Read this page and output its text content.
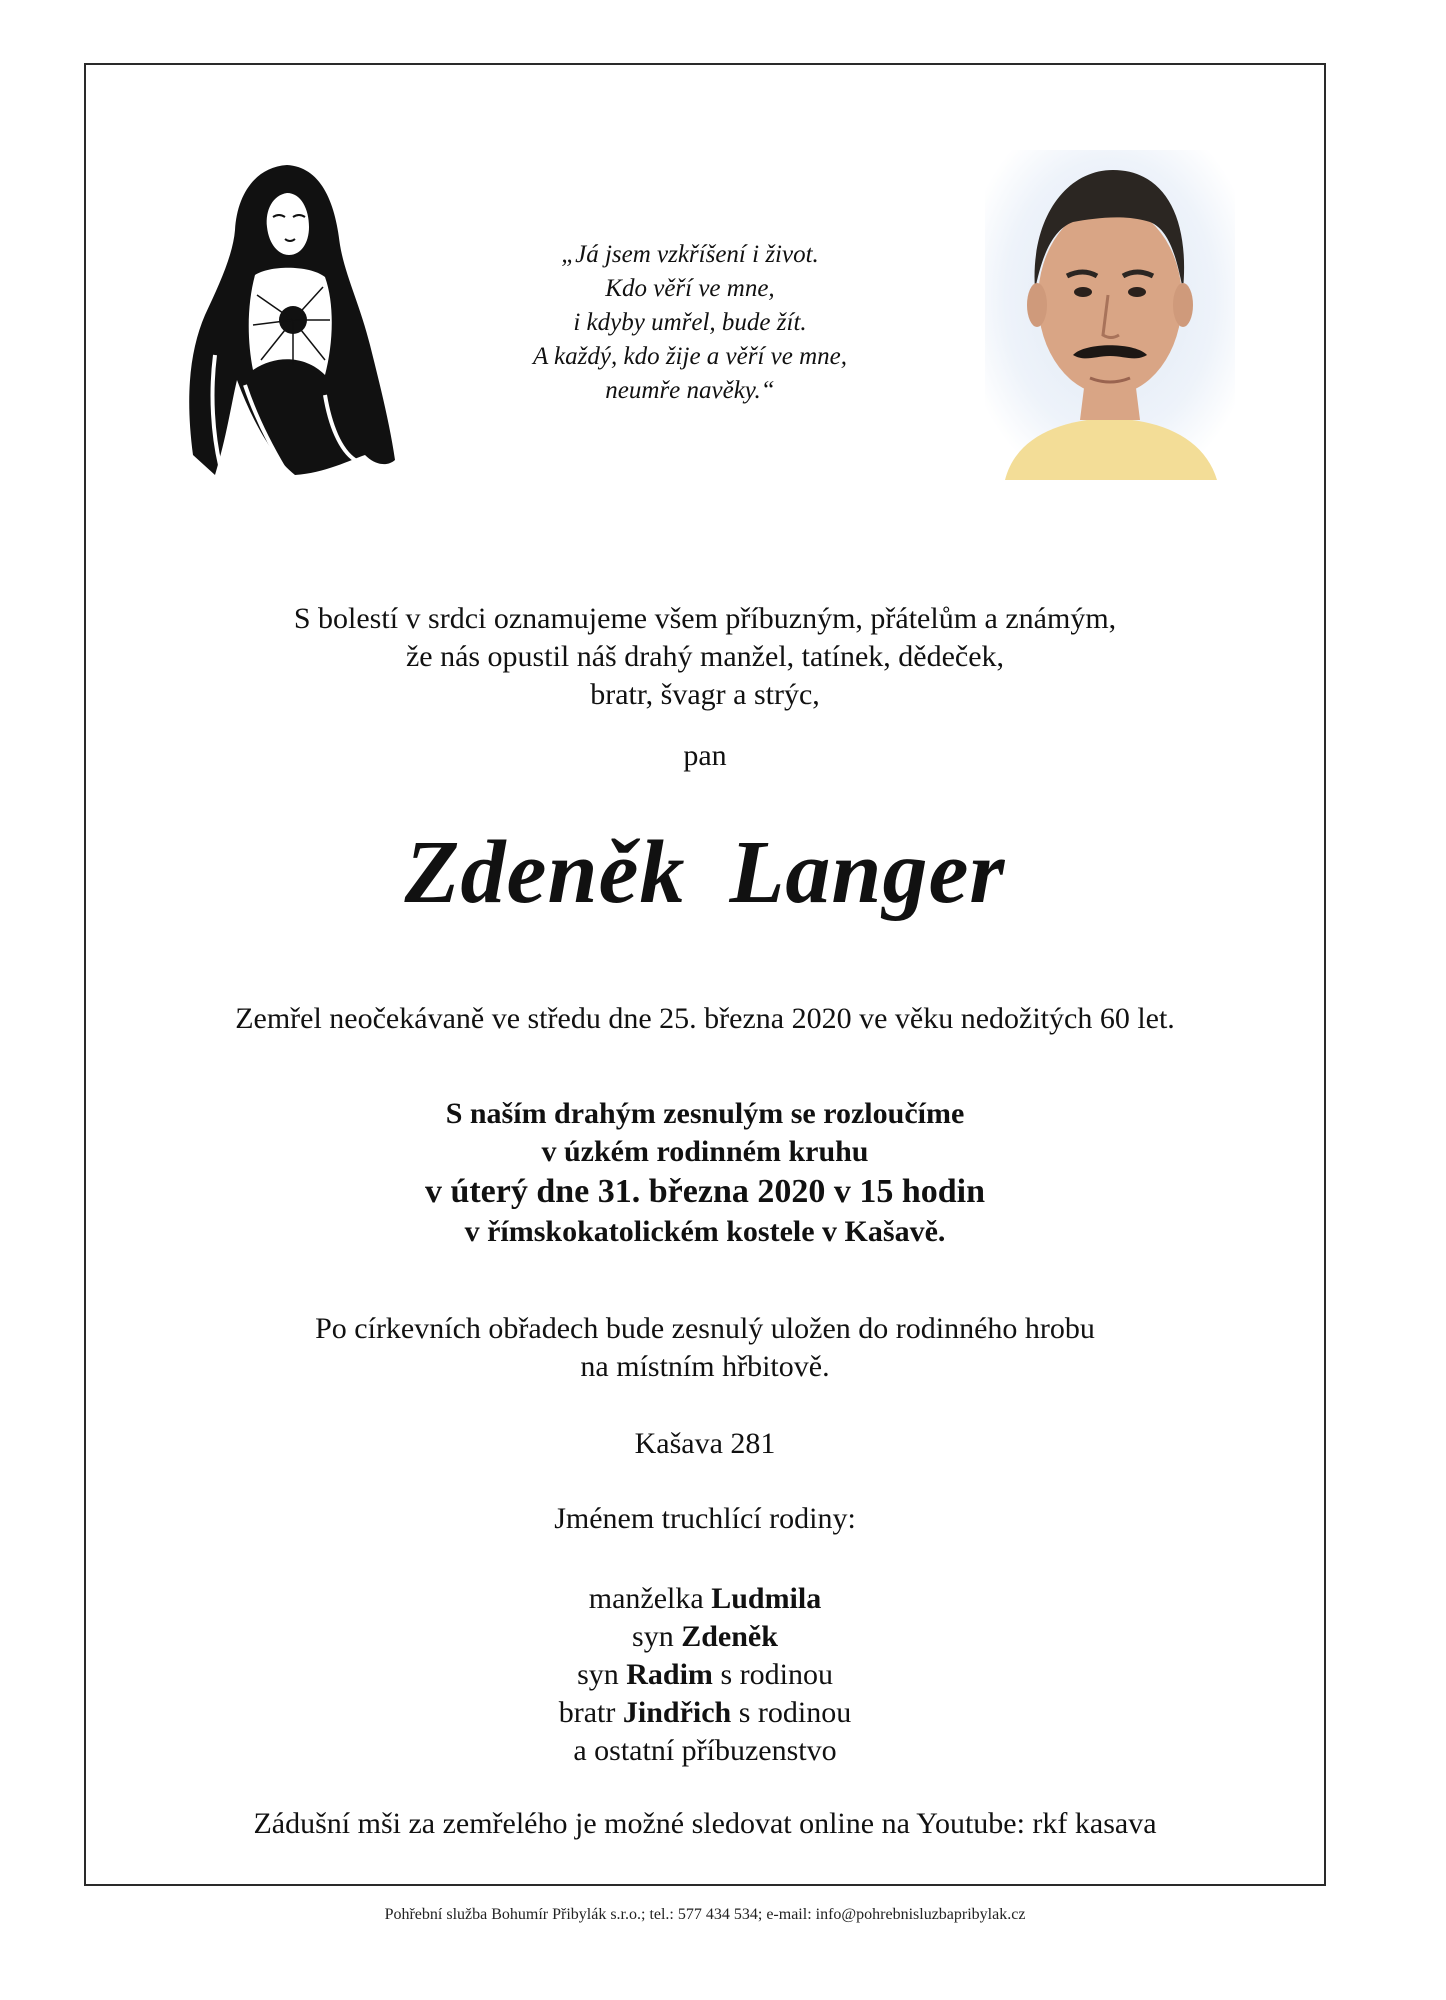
„Já jsem vzkříšení i život.
Kdo věří ve mne,
i kdyby umřel, bude žít.
A každý, kdo žije a věří ve mne,
neumře navěky.“
S bolestí v srdci oznamujeme všem příbuzným, přátelům a známým,
že nás opustil náš drahý manžel, tatínek, dědeček,
bratr, švagr a strýc,
pan
Zdeněk Langer
Zemřel neočekávaně ve středu dne 25. března 2020 ve věku nedožitých 60 let.
S naším drahým zesnulým se rozloučíme
v úzkém rodinném kruhu
v úterý dne 31. března 2020 v 15 hodin
v římskokatolickém kostele v Kašavě.
Po církevních obřadech bude zesnulý uložen do rodinného hrobu
na místním hřbitově.
Kašava 281
Jménem truchlící rodiny:
manželka Ludmila
syn Zdeněk
syn Radim s rodinou
bratr Jindřich s rodinou
a ostatní příbuzenstvo
Zádušní mši za zemřelého je možné sledovat online na Youtube: rkf kasava
Pohřební služba Bohumír Přibylák s.r.o.; tel.: 577 434 534; e-mail: info@pohrebnisluzbapribylak.cz
